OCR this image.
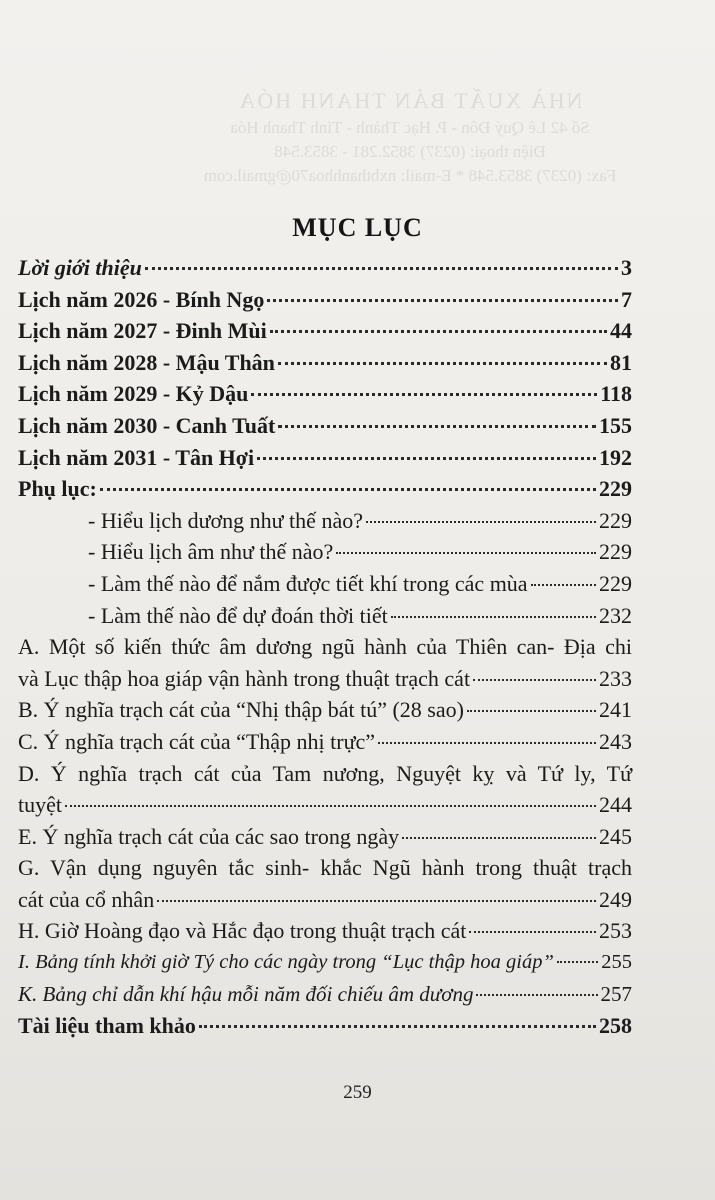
NHÀ XUẤT BẢN THANH HÓA
Số 42 Lê Quý Đôn - P. Hạc Thành - Tỉnh Thanh Hóa
Điện thoại: (0237) 3852.281 - 3853.548
Fax: (0237) 3853.548 * E-mail: nxbthanhhoa70@gmail.com
MỤC LỤC
Lời giới thiệu	3
Lịch năm 2026 - Bính Ngọ	7
Lịch năm 2027 - Đinh Mùi	44
Lịch năm 2028 - Mậu Thân	81
Lịch năm 2029 - Kỷ Dậu	118
Lịch năm 2030 - Canh Tuất	155
Lịch năm 2031 - Tân Hợi	192
Phụ lục:	229
- Hiểu lịch dương như thế nào?	229
- Hiểu lịch âm như thế nào?	229
- Làm thế nào để nắm được tiết khí trong các mùa	229
- Làm thế nào để dự đoán thời tiết	232
A. Một số kiến thức âm dương ngũ hành của Thiên can- Địa chi
và Lục thập hoa giáp vận hành trong thuật trạch cát	233
B. Ý nghĩa trạch cát của “Nhị thập bát tú” (28 sao)	241
C. Ý nghĩa trạch cát của “Thập nhị trực”	243
D. Ý nghĩa trạch cát của Tam nương, Nguyệt kỵ và Tứ ly, Tứ
tuyệt	244
E. Ý nghĩa trạch cát của các sao trong ngày	245
G. Vận dụng nguyên tắc sinh- khắc Ngũ hành trong thuật trạch
cát của cổ nhân	249
H. Giờ Hoàng đạo và Hắc đạo trong thuật trạch cát	253
I. Bảng tính khởi giờ Tý cho các ngày trong “Lục thập hoa giáp” 255
K. Bảng chỉ dẫn khí hậu mỗi năm đối chiếu âm dương	257
Tài liệu tham khảo	258
259
